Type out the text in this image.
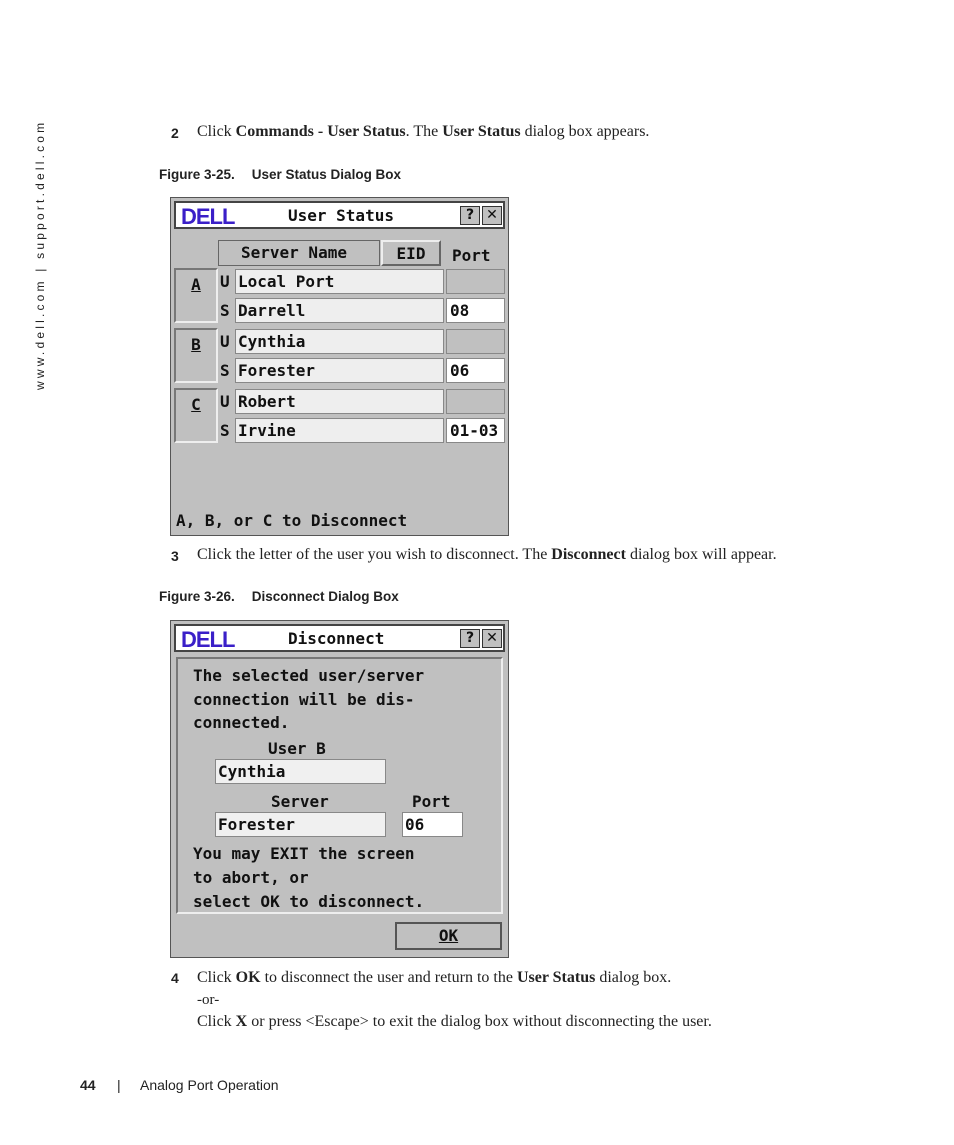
www.dell.com | support.dell.com	2 Click Commands - User Status. The User Status dialog box appears.
Figure 3-25. User Status Dialog Box
DELL	User Status	? ✕
Server Name	EID	Port
A	U Local Port
S Darrell	08
B	U Cynthia
S Forester	06
C	U Robert
S Irvine	01-03
A, B, or C to Disconnect
3 Click the letter of the user you wish to disconnect. The Disconnect dialog box will appear.
Figure 3-26. Disconnect Dialog Box
DELL	Disconnect	? ✕
The selected user/server
connection will be dis-
connected.
User B
Cynthia
Server	Port
Forester	06
You may EXIT the screen
to abort, or
select OK to disconnect.
OK
4 Click OK to disconnect the user and return to the User Status dialog box.
-or-
Click X or press <Escape> to exit the dialog box without disconnecting the user.
44 | Analog Port Operation
